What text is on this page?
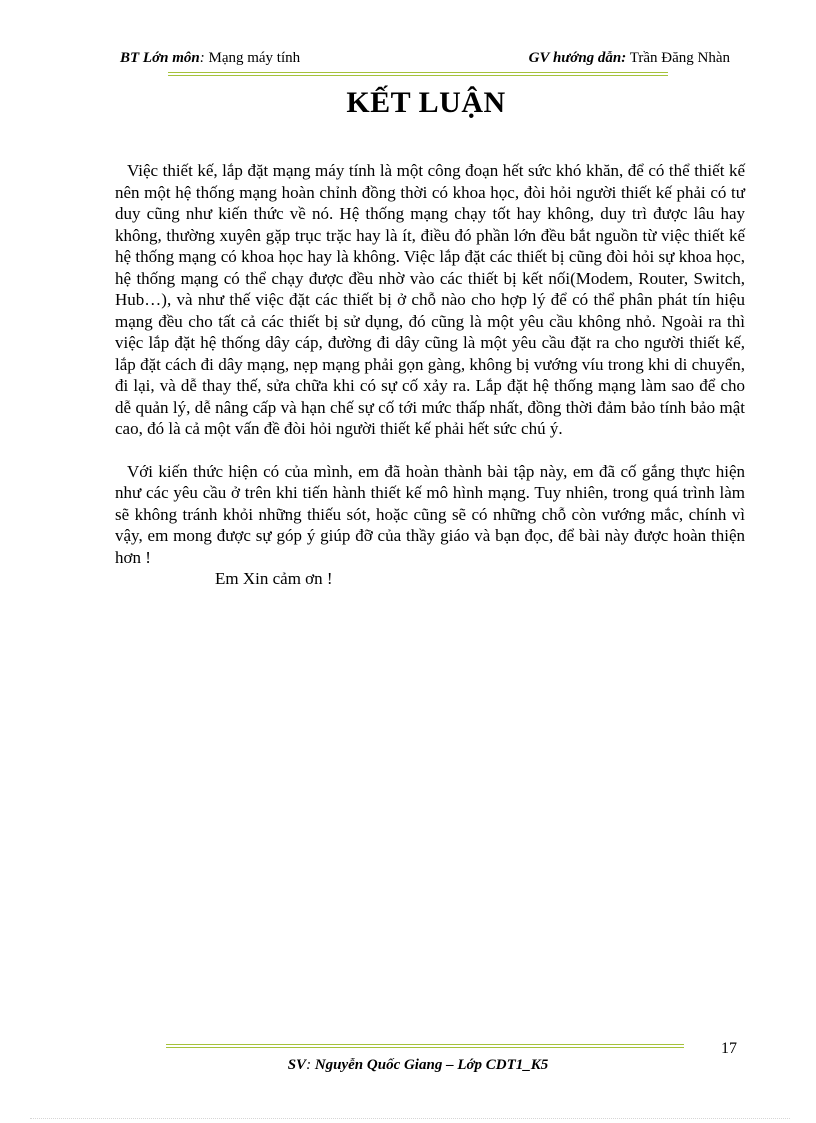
BT Lớn môn: Mạng máy tính	GV hướng dẫn: Trần Đăng Nhàn
KẾT LUẬN

Việc thiết kế, lắp đặt mạng máy tính là một công đoạn hết sức khó khăn, để có thể thiết kế nên một hệ thống mạng hoàn chỉnh đồng thời có khoa học, đòi hỏi người thiết kế phải có tư duy cũng như kiến thức về nó. Hệ thống mạng chạy tốt hay không, duy trì được lâu hay không, thường xuyên gặp trục trặc hay là ít, điều đó phần lớn đều bắt nguồn từ việc thiết kế hệ thống mạng có khoa học hay là không. Việc lắp đặt các thiết bị cũng đòi hỏi sự khoa học, hệ thống mạng có thể chạy được đều nhờ vào các thiết bị kết nối(Modem, Router, Switch, Hub…), và như thế việc đặt các thiết bị ở chỗ nào cho hợp lý để có thể phân phát tín hiệu mạng đều cho tất cả các thiết bị sử dụng, đó cũng là một yêu cầu không nhỏ. Ngoài ra thì việc lắp đặt hệ thống dây cáp, đường đi dây cũng là một yêu cầu đặt ra cho người thiết kế, lắp đặt cách đi dây mạng, nẹp mạng phải gọn gàng, không bị vướng víu trong khi di chuyển, đi lại, và dễ thay thế, sửa chữa khi có sự cố xảy ra. Lắp đặt hệ thống mạng làm sao để cho dễ quản lý, dễ nâng cấp và hạn chế sự cố tới mức thấp nhất, đồng thời đảm bảo tính bảo mật cao, đó là cả một vấn đề đòi hỏi người thiết kế phải hết sức chú ý.

Với kiến thức hiện có của mình, em đã hoàn thành bài tập này, em đã cố gắng thực hiện như các yêu cầu ở trên khi tiến hành thiết kế mô hình mạng. Tuy nhiên, trong quá trình làm sẽ không tránh khỏi những thiếu sót, hoặc cũng sẽ có những chỗ còn vướng mắc, chính vì vậy, em mong được sự góp ý giúp đỡ của thầy giáo và bạn đọc, để bài này được hoàn thiện hơn !

Em Xin cảm ơn !

17
SV: Nguyễn Quốc Giang – Lớp CDT1_K5
